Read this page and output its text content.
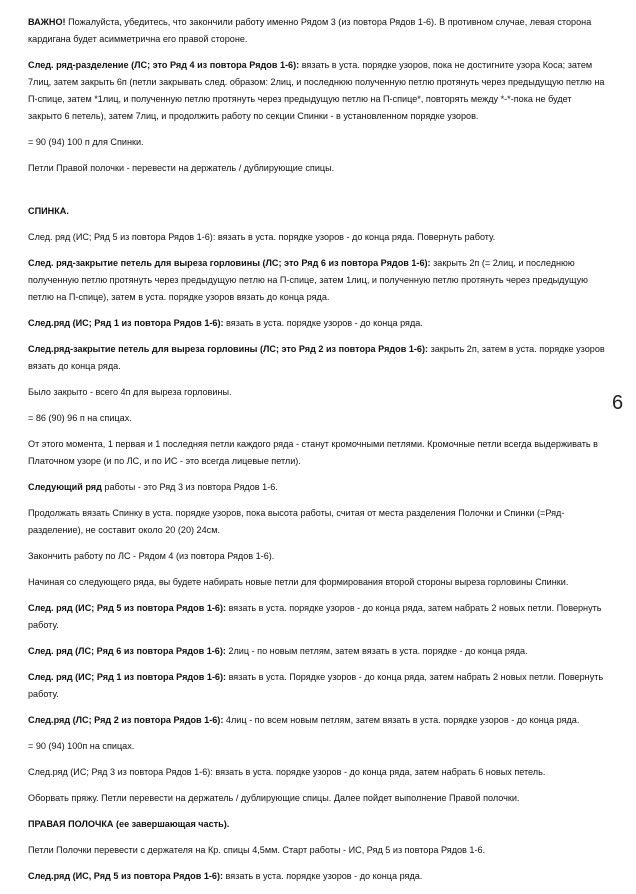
ВАЖНО! Пожалуйста, убедитесь, что закончили работу именно Рядом 3 (из повтора Рядов 1-6). В противном случае, левая сторона кардигана будет асимметрична его правой стороне.

След. ряд-разделение (ЛС; это Ряд 4 из повтора Рядов 1-6): вязать в уста. порядке узоров, пока не достигните узора Коса; затем 7лиц, затем закрыть 6п (петли закрывать след. образом: 2лиц, и последнюю полученную петлю протянуть через предыдущую петлю на П-спице, затем *1лиц, и полученную петлю протянуть через предыдущую петлю на П-спице*, повторять между *-*-пока не будет закрыто 6 петель), затем 7лиц, и продолжить работу по секции Спинки - в установленном порядке узоров.

= 90 (94) 100 п для Спинки.

Петли Правой полочки - перевести на держатель / дублирующие спицы.

СПИНКА.

След. ряд (ИС; Ряд 5 из повтора Рядов 1-6): вязать в уста. порядке узоров - до конца ряда. Повернуть работу.

След. ряд-закрытие петель для выреза горловины (ЛС; это Ряд 6 из повтора Рядов 1-6): закрыть 2п (= 2лиц, и последнюю полученную петлю протянуть через предыдущую петлю на П-спице, затем 1лиц, и полученную петлю протянуть через предыдущую петлю на П-спице), затем в уста. порядке узоров вязать до конца ряда.

След.ряд (ИС; Ряд 1 из повтора Рядов 1-6): вязать в уста. порядке узоров - до конца ряда.

След.ряд-закрытие петель для выреза горловины (ЛС; это Ряд 2 из повтора Рядов 1-6): закрыть 2п, затем в уста. порядке узоров вязать до конца ряда.

Было закрыто - всего 4п для выреза горловины.

= 86 (90) 96 п на спицах.

От этого момента, 1 первая и 1 последняя петли каждого ряда - станут кромочными петлями. Кромочные петли всегда выдерживать в Платочном узоре (и по ЛС, и по ИС - это всегда лицевые петли).

Следующий ряд работы - это Ряд 3 из повтора Рядов 1-6.

Продолжать вязать Спинку в уста. порядке узоров, пока высота работы, считая от места разделения Полочки и Спинки (=Ряд-разделение), не составит около 20 (20) 24см.

Закончить работу по ЛС - Рядом 4 (из повтора Рядов 1-6).

Начиная со следующего ряда, вы будете набирать новые петли для формирования второй стороны выреза горловины Спинки.

След. ряд (ИС; Ряд 5 из повтора Рядов 1-6): вязать в уста. порядке узоров - до конца ряда, затем набрать 2 новых петли. Повернуть работу.

След. ряд (ЛС; Ряд 6 из повтора Рядов 1-6): 2лиц - по новым петлям, затем вязать в уста. порядке - до конца ряда.

След. ряд (ИС; Ряд 1 из повтора Рядов 1-6): вязать в уста. Порядке узоров - до конца ряда, затем набрать 2 новых петли. Повернуть работу.

След.ряд (ЛС; Ряд 2 из повтора Рядов 1-6): 4лиц - по всем новым петлям, затем вязать в уста. порядке узоров - до конца ряда.

= 90 (94) 100п на спицах.

След.ряд (ИС; Ряд 3 из повтора Рядов 1-6): вязать в уста. порядке узоров - до конца ряда, затем набрать 6 новых петель.

Оборвать пряжу. Петли перевести на держатель / дублирующие спицы. Далее пойдет выполнение Правой полочки.

ПРАВАЯ ПОЛОЧКА (ее завершающая часть).

Петли Полочки перевести с держателя на Кр. спицы 4,5мм. Старт работы - ИС, Ряд 5 из повтора Рядов 1-6.

След.ряд (ИС, Ряд 5 из повтора Рядов 1-6): вязать в уста. порядке узоров - до конца ряда.

6
